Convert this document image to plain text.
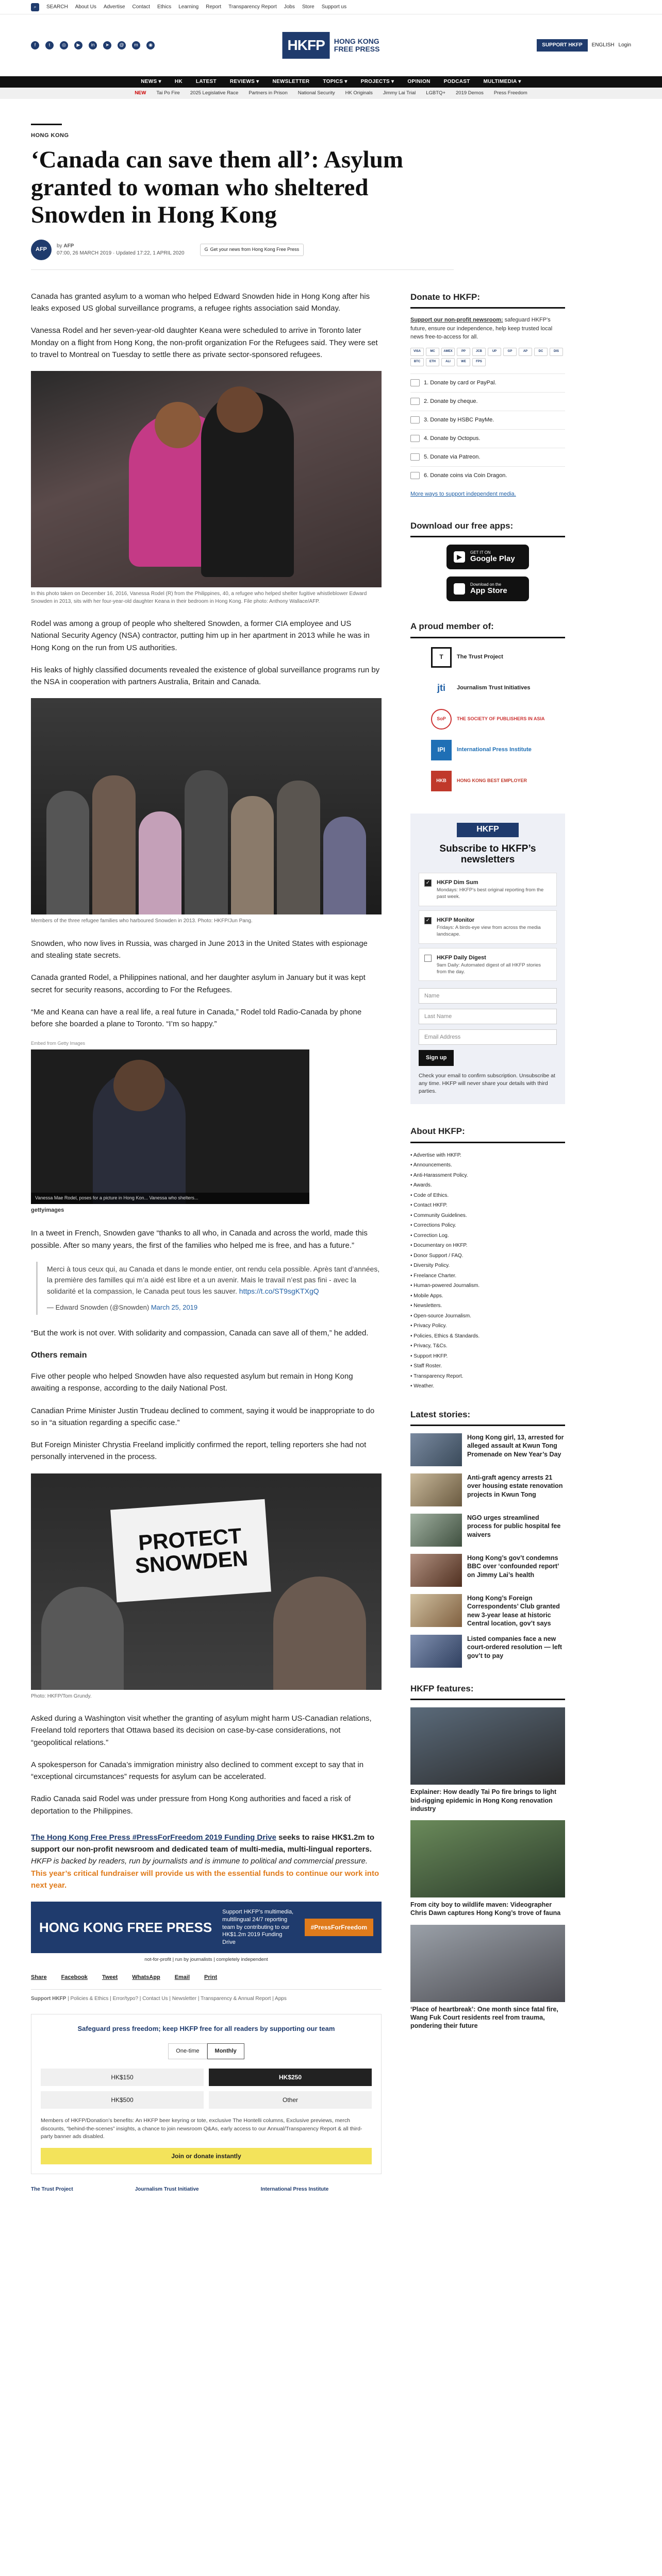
⌕	SEARCH About Us Advertise Contact Ethics Learning Report Transparency Report Jobs Store Support us
f	t	◎	▶	in	➤	@	m	◉	HKFP	HONG KONG
FREE PRESS	SUPPORT HKFP	ENGLISH Login
NEWS ▾	HK	LATEST	REVIEWS ▾	NEWSLETTER	TOPICS ▾	PROJECTS ▾	OPINION	PODCAST	MULTIMEDIA ▾
NEW Tai Po Fire 2025 Legislative Race Partners in Prison National Security HK Originals Jimmy Lai Trial LGBTQ+ 2019 Demos Press Freedom
HONG KONG
‘Canada can save them all’: Asylum granted to woman who sheltered Snowden in Hong Kong
AFP
by AFP
07:00, 26 MARCH 2019 · Updated 17:22, 1 APRIL 2020
G Get your news from Hong Kong Free Press

Canada has granted asylum to a woman who helped Edward Snowden hide in Hong Kong after his leaks exposed US global surveillance programs, a refugee rights association said Monday.

Vanessa Rodel and her seven-year-old daughter Keana were scheduled to arrive in Toronto later Monday on a flight from Hong Kong, the non-profit organization For the Refugees said. They were set to travel to Montreal on Tuesday to settle there as private sector-sponsored refugees.

In this photo taken on December 16, 2016, Vanessa Rodel (R) from the Philippines, 40, a refugee who helped shelter fugitive whistleblower Edward Snowden in 2013, sits with her four-year-old daughter Keana in their bedroom in Hong Kong. File photo: Anthony Wallace/AFP.

Rodel was among a group of people who sheltered Snowden, a former CIA employee and US National Security Agency (NSA) contractor, putting him up in her apartment in 2013 while he was in Hong Kong on the run from US authorities.

His leaks of highly classified documents revealed the existence of global surveillance programs run by the NSA in cooperation with partners Australia, Britain and Canada.

Members of the three refugee families who harboured Snowden in 2013. Photo: HKFP/Jun Pang.

Snowden, who now lives in Russia, was charged in June 2013 in the United States with espionage and stealing state secrets.

Canada granted Rodel, a Philippines national, and her daughter asylum in January but it was kept secret for security reasons, according to For the Refugees.

“Me and Keana can have a real life, a real future in Canada,” Rodel told Radio-Canada by phone before she boarded a plane to Toronto. “I’m so happy.”

Embed from Getty Images
Vanessa Mae Rodel, poses for a picture in Hong Kon... Vanessa who shelters...
gettyimages

In a tweet in French, Snowden gave “thanks to all who, in Canada and across the world, made this possible. After so many years, the first of the families who helped me is free, and has a future.”

Merci à tous ceux qui, au Canada et dans le monde entier, ont rendu cela possible. Après tant d’années, la première des familles qui m’a aidé est libre et a un avenir. Mais le travail n’est pas fini - avec la solidarité et la compassion, le Canada peut tous les sauver. https://t.co/ST9sgKTXgQ
— Edward Snowden (@Snowden) March 25, 2019

“But the work is not over. With solidarity and compassion, Canada can save all of them,” he added.

Others remain

Five other people who helped Snowden have also requested asylum but remain in Hong Kong awaiting a response, according to the daily National Post.

Canadian Prime Minister Justin Trudeau declined to comment, saying it would be inappropriate to do so in “a situation regarding a specific case.”

But Foreign Minister Chrystia Freeland implicitly confirmed the report, telling reporters she had not personally intervened in the process.

PROTECT SNOWDEN
Photo: HKFP/Tom Grundy.

Asked during a Washington visit whether the granting of asylum might harm US-Canadian relations, Freeland told reporters that Ottawa based its decision on case-by-case considerations, not “geopolitical relations.”

A spokesperson for Canada’s immigration ministry also declined to comment except to say that in “exceptional circumstances” requests for asylum can be accelerated.

Radio Canada said Rodel was under pressure from Hong Kong authorities and faced a risk of deportation to the Philippines.

The Hong Kong Free Press #PressForFreedom 2019 Funding Drive seeks to raise HK$1.2m to support our non-profit newsroom and dedicated team of multi-media, multi-lingual reporters. HKFP is backed by readers, run by journalists and is immune to political and commercial pressure. This year’s critical fundraiser will provide us with the essential funds to continue our work into next year.
HONG KONG FREE PRESS
Support HKFP’s multimedia, multilingual 24/7 reporting team by contributing to our HK$1.2m 2019 Funding Drive
#PressForFreedom
not-for-profit | run by journalists | completely independent
Share	Facebook	Tweet	WhatsApp	Email	Print
Support HKFP | Policies & Ethics | Error/typo? | Contact Us | Newsletter | Transparency & Annual Report | Apps
Safeguard press freedom; keep HKFP free for all readers by supporting our team
One-time	Monthly
HK$150	HK$250
HK$500	Other
Members of HKFP/Donation’s benefits: An HKFP beer keyring or tote, exclusive The Hontelli columns, Exclusive previews, merch discounts, “behind-the-scenes” insights, a chance to join newsroom Q&As, early access to our Annual/Transparency Report & all third-party banner ads disabled.
Join or donate instantly
The Trust Project	Journalism Trust Initiative	International Press Institute
Donate to HKFP:
Support our non-profit newsroom: safeguard HKFP’s future, ensure our independence, help keep trusted local news free-to-access for all.
VISA	MC	AMEX	PP	JCB	UP	GP	AP	DC	DIS
BTC	ETH	ALI	WE	FPS
1. Donate by card or PayPal.
2. Donate by cheque.
3. Donate by HSBC PayMe.
4. Donate by Octopus.
5. Donate via Patreon.
6. Donate coins via Coin Dragon.
More ways to support independent media.
Download our free apps:
▶
GET IT ON
Google Play
Download on the
App Store
A proud member of:
T	The Trust Project
jti	Journalism Trust Initiatives
SoP	THE SOCIETY OF PUBLISHERS IN ASIA
IPI	International Press Institute
HKB	HONG KONG BEST EMPLOYER
HKFP
Subscribe to HKFP’s newsletters
✓ HKFP Dim Sum
Mondays: HKFP’s best original reporting from the past week.
✓ HKFP Monitor
Fridays: A birds-eye view from across the media landscape.
HKFP Daily Digest
9am Daily: Automated digest of all HKFP stories from the day.
Name
Last Name
Email Address
Sign up
Check your email to confirm subscription. Unsubscribe at any time. HKFP will never share your details with third parties.
About HKFP:
• Advertise with HKFP.
• Announcements.
• Anti-Harassment Policy.
• Awards.
• Code of Ethics.
• Contact HKFP.
• Community Guidelines.
• Corrections Policy.
• Correction Log.
• Documentary on HKFP.
• Donor Support / FAQ.
• Diversity Policy.
• Freelance Charter.
• Human-powered Journalism.
• Mobile Apps.
• Newsletters.
• Open-source Journalism.
• Privacy Policy.
• Policies, Ethics & Standards.
• Privacy, T&Cs.
• Support HKFP.
• Staff Roster.
• Transparency Report.
• Weather.
Latest stories:
Hong Kong girl, 13, arrested for alleged assault at Kwun Tong Promenade on New Year’s Day
Anti-graft agency arrests 21 over housing estate renovation projects in Kwun Tong
NGO urges streamlined process for public hospital fee waivers
Hong Kong’s gov’t condemns BBC over ‘confounded report’ on Jimmy Lai’s health
Hong Kong’s Foreign Correspondents’ Club granted new 3-year lease at historic Central location, gov’t says
Listed companies face a new court-ordered resolution — left gov’t to pay
HKFP features:
Explainer: How deadly Tai Po fire brings to light bid-rigging epidemic in Hong Kong renovation industry
From city boy to wildlife maven: Videographer Chris Dawn captures Hong Kong’s trove of fauna
‘Place of heartbreak’: One month since fatal fire, Wang Fuk Court residents reel from trauma, pondering their future
